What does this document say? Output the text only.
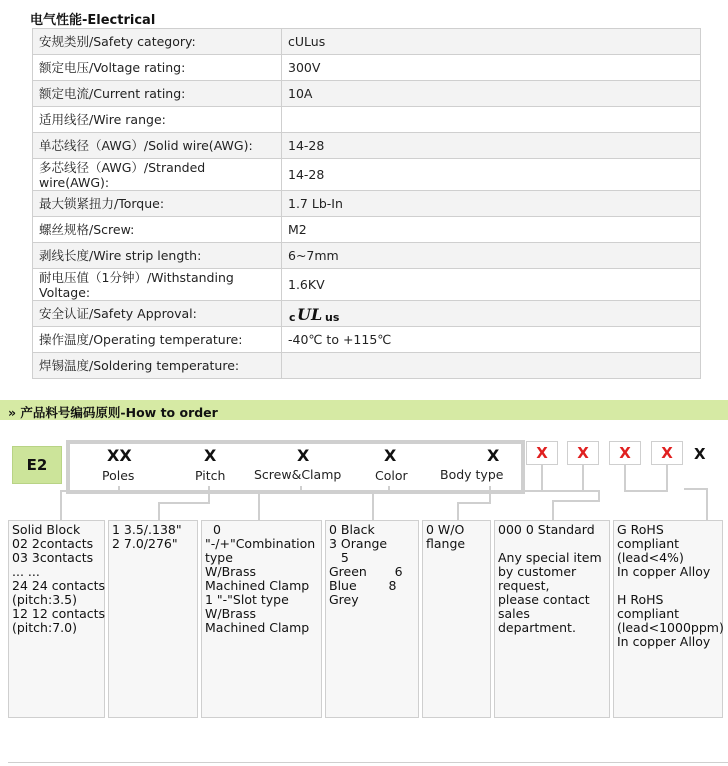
电气性能-Electrical
安规类别/Safety category:	cULus
额定电压/Voltage rating:	300V
额定电流/Current rating:	10A
适用线径/Wire range:	
单芯线径（AWG）/Solid wire(AWG):	14-28
多芯线径（AWG）/Stranded wire(AWG):	14-28
最大锁紧扭力/Torque:	1.7 Lb-In
螺丝规格/Screw:	M2
剥线长度/Wire strip length:	6~7mm
耐电压值（1分钟）/Withstanding Voltage:	1.6KV
安全认证/Safety Approval:	c UL us

操作温度/Operating temperature:	-40℃ to +115℃
焊锡温度/Soldering temperature:	
» 产品料号编码原则-How to order
E2	XX
Poles
X
Pitch
X
Screw&Clamp
X
Color
X
Body type
X	X	X	X	X
Solid Block
02 2contacts
03 3contacts
... ...
24 24 contacts
(pitch:3.5)
12 12 contacts
(pitch:7.0)
1 3.5/.138"
2 7.0/276"
0
"-/+"Combination
type
W/Brass
Machined Clamp
1 "-"Slot type
W/Brass
Machined Clamp
0 Black
3 Orange
5
Green       6
Blue        8
Grey
0 W/O
flange
000 0 Standard

Any special item
by customer
request,
please contact
sales
department.
G RoHS
compliant
(lead<4%)
In copper Alloy

H RoHS
compliant
(lead<1000ppm)
In copper Alloy
